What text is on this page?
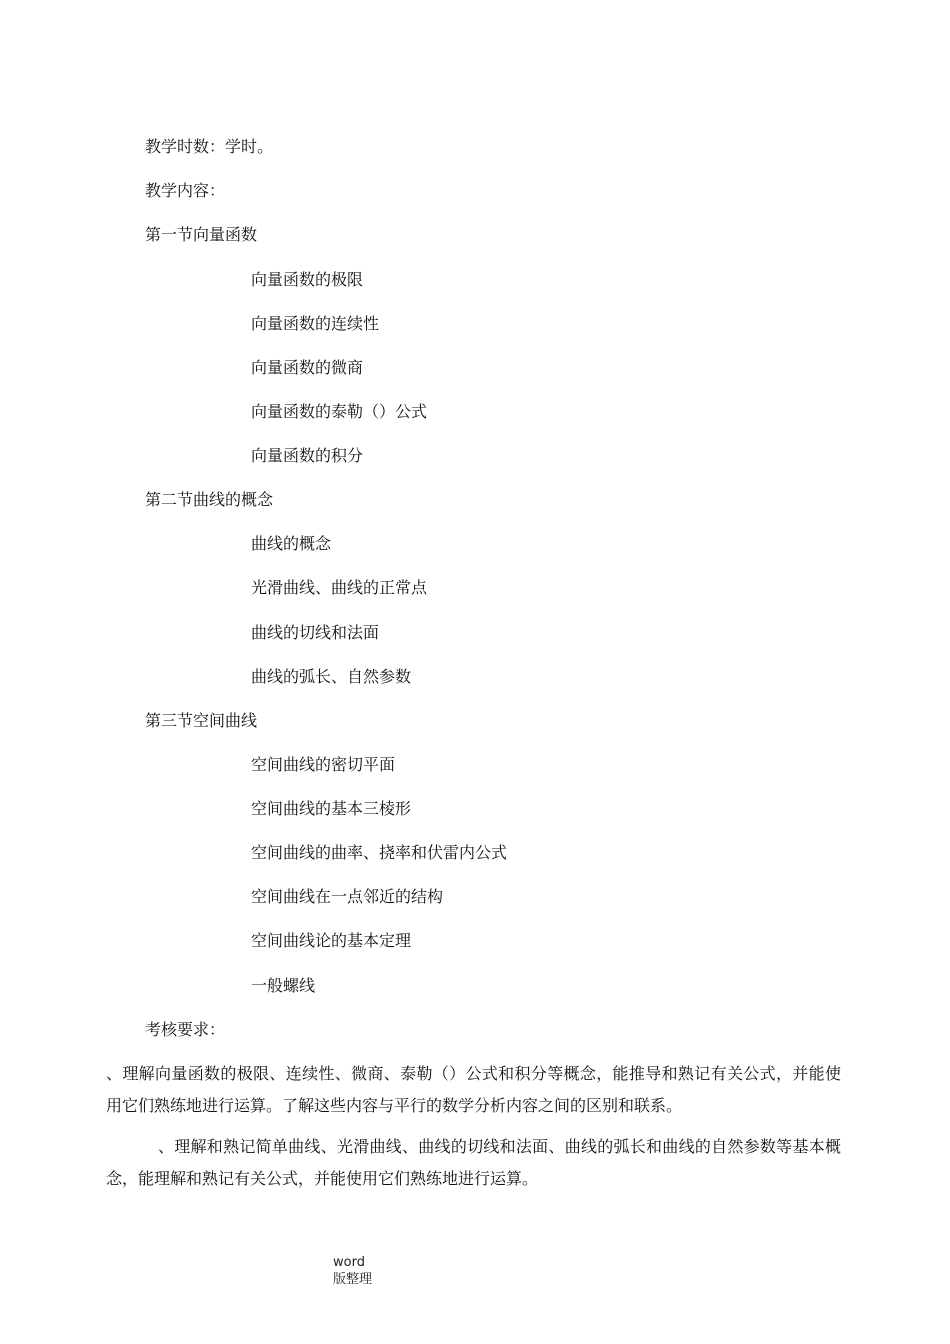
教学时数：学时。
教学内容：
第一节向量函数
向量函数的极限
向量函数的连续性
向量函数的微商
向量函数的泰勒（）公式
向量函数的积分
第二节曲线的概念
曲线的概念
光滑曲线、曲线的正常点
曲线的切线和法面
曲线的弧长、自然参数
第三节空间曲线
空间曲线的密切平面
空间曲线的基本三棱形
空间曲线的曲率、挠率和伏雷内公式
空间曲线在一点邻近的结构
空间曲线论的基本定理
一般螺线
考核要求：
、理解向量函数的极限、连续性、微商、泰勒（）公式和积分等概念，能推导和熟记有关公式，并能使用它们熟练地进行运算。了解这些内容与平行的数学分析内容之间的区别和联系。
、理解和熟记简单曲线、光滑曲线、曲线的切线和法面、曲线的弧长和曲线的自然参数等基本概念，能理解和熟记有关公式，并能使用它们熟练地进行运算。
word
版整理
